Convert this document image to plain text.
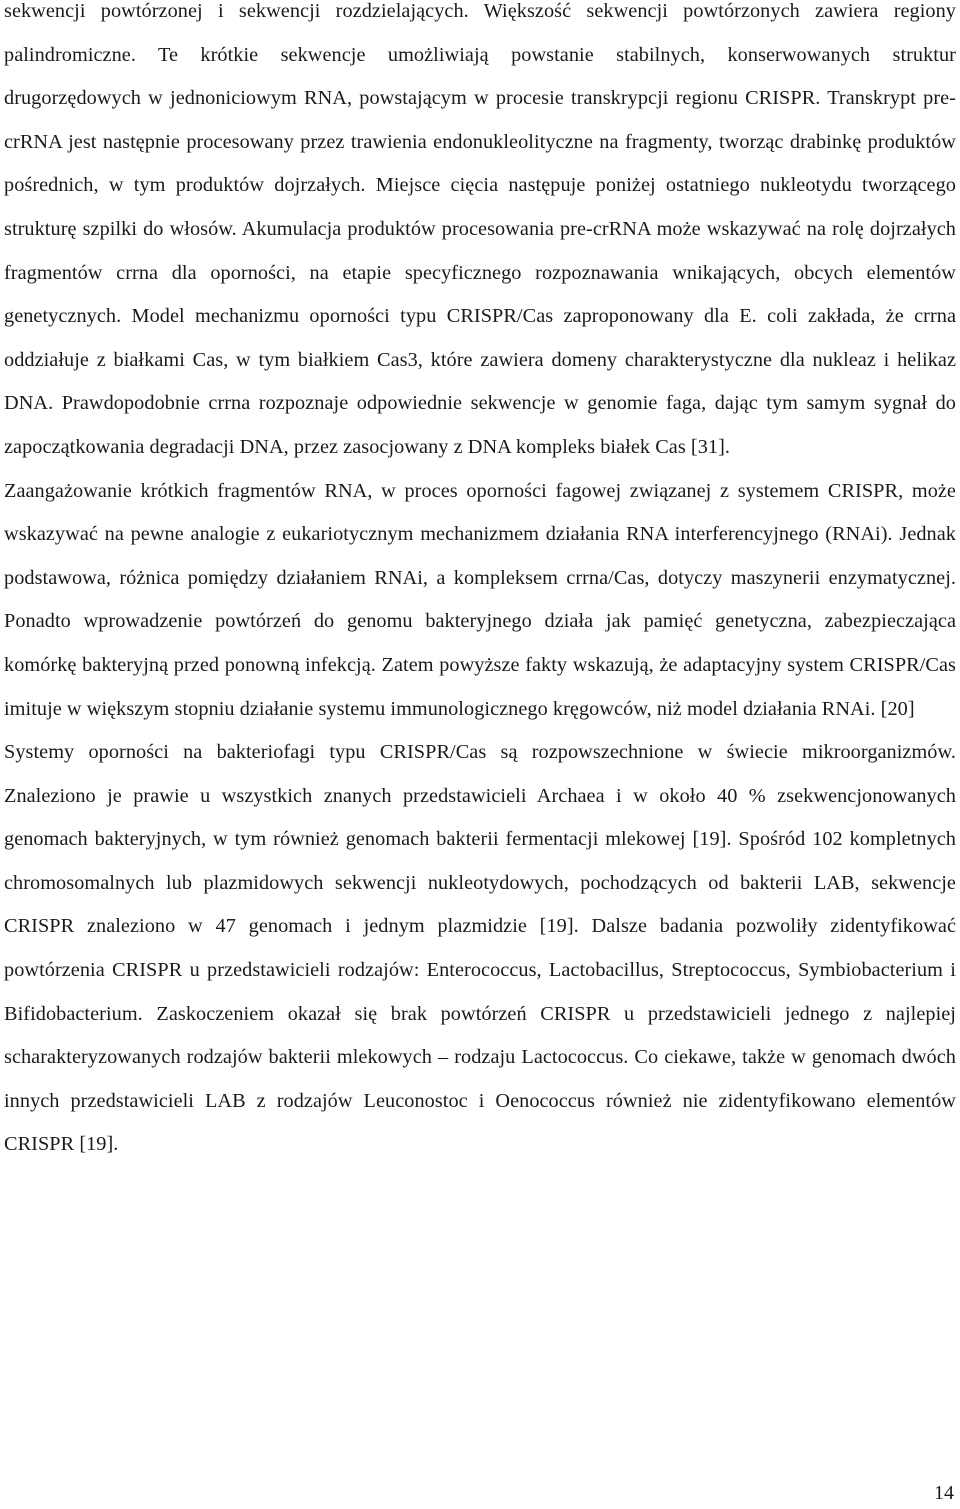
sekwencji powtórzonej i sekwencji rozdzielających. Większość sekwencji powtórzonych zawiera regiony palindromiczne. Te krótkie sekwencje umożliwiają powstanie stabilnych, konserwowanych struktur drugorzędowych w jednoniciowym RNA, powstającym w procesie transkrypcji regionu CRISPR. Transkrypt pre-crRNA jest następnie procesowany przez trawienia endonukleolityczne na fragmenty, tworząc drabinkę produktów pośrednich, w tym produktów dojrzałych. Miejsce cięcia następuje poniżej ostatniego nukleotydu tworzącego strukturę szpilki do włosów. Akumulacja produktów procesowania pre-crRNA może wskazywać na rolę dojrzałych fragmentów crrna dla oporności, na etapie specyficznego rozpoznawania wnikających, obcych elementów genetycznych. Model mechanizmu oporności typu CRISPR/Cas zaproponowany dla E. coli zakłada, że crrna oddziałuje z białkami Cas, w tym białkiem Cas3, które zawiera domeny charakterystyczne dla nukleaz i helikaz DNA. Prawdopodobnie crrna rozpoznaje odpowiednie sekwencje w genomie faga, dając tym samym sygnał do zapoczątkowania degradacji DNA, przez zasocjowany z DNA kompleks białek Cas [31].

Zaangażowanie krótkich fragmentów RNA, w proces oporności fagowej związanej z systemem CRISPR, może wskazywać na pewne analogie z eukariotycznym mechanizmem działania RNA interferencyjnego (RNAi). Jednak podstawowa, różnica pomiędzy działaniem RNAi, a kompleksem crrna/Cas, dotyczy maszynerii enzymatycznej. Ponadto wprowadzenie powtórzeń do genomu bakteryjnego działa jak pamięć genetyczna, zabezpieczająca komórkę bakteryjną przed ponowną infekcją. Zatem powyższe fakty wskazują, że adaptacyjny system CRISPR/Cas imituje w większym stopniu działanie systemu immunologicznego kręgowców, niż model działania RNAi. [20]

Systemy oporności na bakteriofagi typu CRISPR/Cas są rozpowszechnione w świecie mikroorganizmów. Znaleziono je prawie u wszystkich znanych przedstawicieli Archaea i w około 40 % zsekwencjonowanych genomach bakteryjnych, w tym również genomach bakterii fermentacji mlekowej [19]. Spośród 102 kompletnych chromosomalnych lub plazmidowych sekwencji nukleotydowych, pochodzących od bakterii LAB, sekwencje CRISPR znaleziono w 47 genomach i jednym plazmidzie [19]. Dalsze badania pozwoliły zidentyfikować powtórzenia CRISPR u przedstawicieli rodzajów: Enterococcus, Lactobacillus, Streptococcus, Symbiobacterium i Bifidobacterium. Zaskoczeniem okazał się brak powtórzeń CRISPR u przedstawicieli jednego z najlepiej scharakteryzowanych rodzajów bakterii mlekowych – rodzaju Lactococcus. Co ciekawe, także w genomach dwóch innych przedstawicieli LAB z rodzajów Leuconostoc i Oenococcus również nie zidentyfikowano elementów CRISPR [19].

14
